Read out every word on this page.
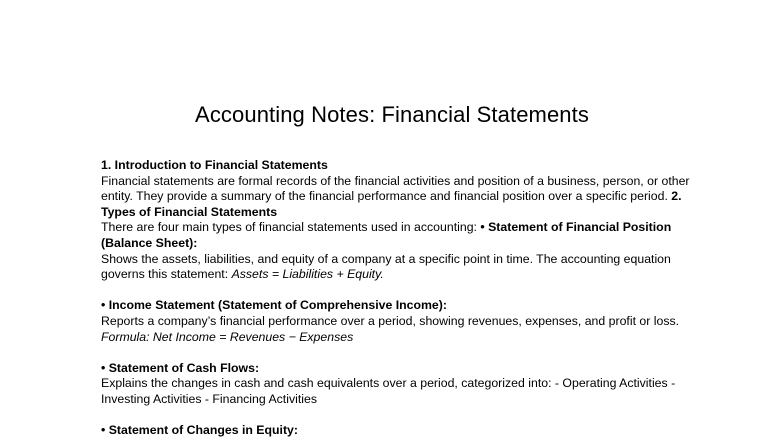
Accounting Notes: Financial Statements

1. Introduction to Financial Statements

Financial statements are formal records of the financial activities and position of a business, person, or other entity. They provide a summary of the financial performance and financial position over a specific period. 2. Types of Financial Statements

There are four main types of financial statements used in accounting: • Statement of Financial Position (Balance Sheet):

Shows the assets, liabilities, and equity of a company at a specific point in time. The accounting equation governs this statement: Assets = Liabilities + Equity.

• Income Statement (Statement of Comprehensive Income):

Reports a company’s financial performance over a period, showing revenues, expenses, and profit or loss.

Formula: Net Income = Revenues − Expenses

• Statement of Cash Flows:

Explains the changes in cash and cash equivalents over a period, categorized into: - Operating Activities - Investing Activities - Financing Activities

• Statement of Changes in Equity:
